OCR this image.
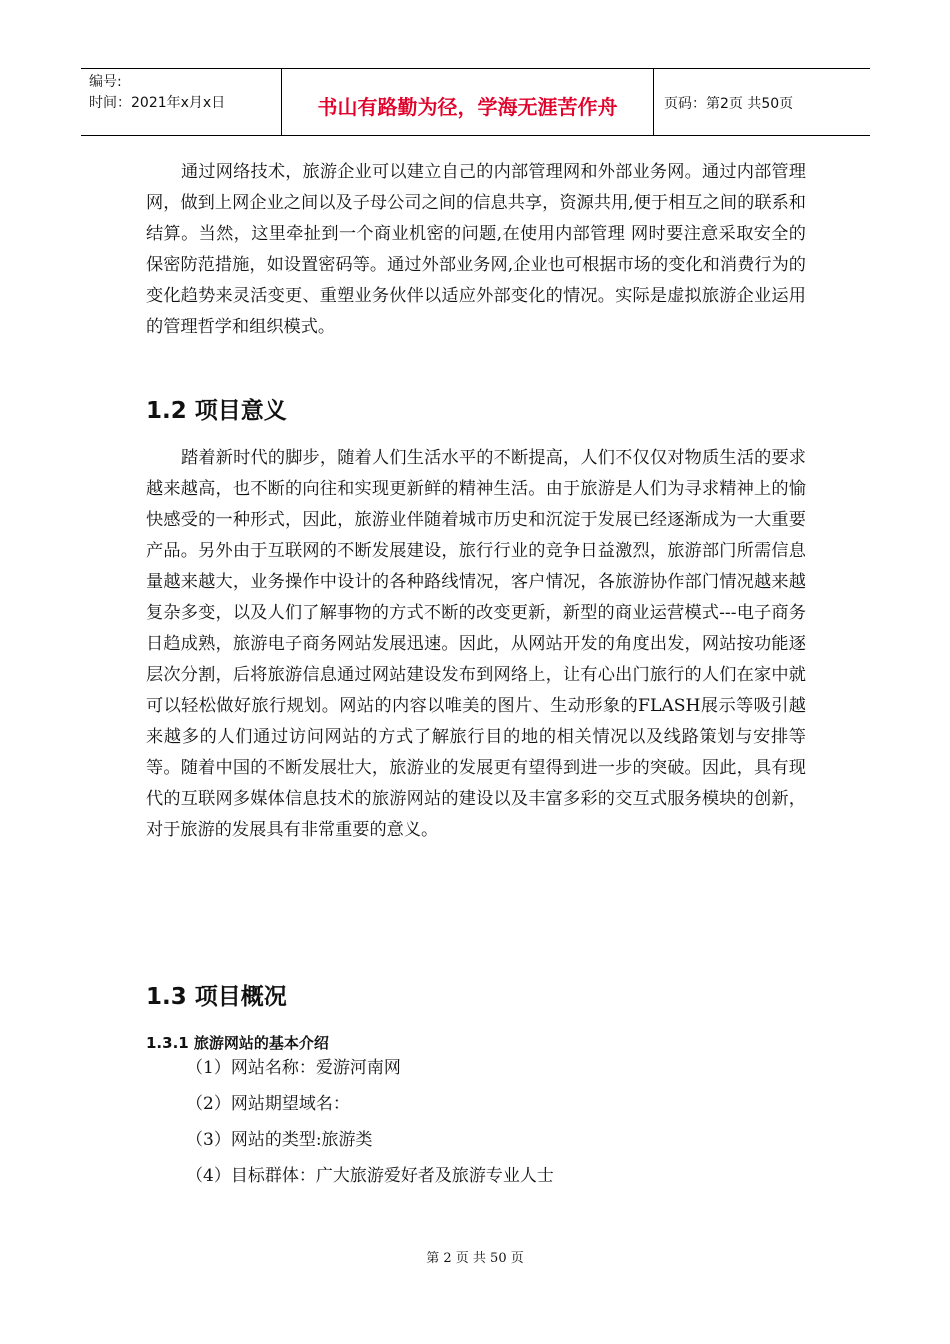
编号:
时间：2021年x月x日	书山有路勤为径，学海无涯苦作舟	页码：第2页 共50页

通过网络技术，旅游企业可以建立自己的内部管理网和外部业务网。通过内部管理网，做到上网企业之间以及子母公司之间的信息共享，资源共用,便于相互之间的联系和结算。当然，这里牵扯到一个商业机密的问题,在使用内部管理 网时要注意采取安全的保密防范措施，如设置密码等。通过外部业务网,企业也可根据市场的变化和消费行为的变化趋势来灵活变更、重塑业务伙伴以适应外部变化的情况。实际是虚拟旅游企业运用的管理哲学和组织模式。

1.2 项目意义

踏着新时代的脚步，随着人们生活水平的不断提高，人们不仅仅对物质生活的要求越来越高，也不断的向往和实现更新鲜的精神生活。由于旅游是人们为寻求精神上的愉快感受的一种形式，因此，旅游业伴随着城市历史和沉淀于发展已经逐渐成为一大重要产品。另外由于互联网的不断发展建设，旅行行业的竞争日益激烈，旅游部门所需信息量越来越大，业务操作中设计的各种路线情况，客户情况，各旅游协作部门情况越来越复杂多变，以及人们了解事物的方式不断的改变更新，新型的商业运营模式---电子商务日趋成熟，旅游电子商务网站发展迅速。因此，从网站开发的角度出发，网站按功能逐层次分割，后将旅游信息通过网站建设发布到网络上，让有心出门旅行的人们在家中就可以轻松做好旅行规划。网站的内容以唯美的图片、生动形象的FLASH展示等吸引越来越多的人们通过访问网站的方式了解旅行目的地的相关情况以及线路策划与安排等等。随着中国的不断发展壮大，旅游业的发展更有望得到进一步的突破。因此，具有现代的互联网多媒体信息技术的旅游网站的建设以及丰富多彩的交互式服务模块的创新，对于旅游的发展具有非常重要的意义。

1.3 项目概况
1.3.1 旅游网站的基本介绍
（1）网站名称：爱游河南网
（2）网站期望域名：
（3）网站的类型:旅游类
（4）目标群体：广大旅游爱好者及旅游专业人士
第 2 页 共 50 页
